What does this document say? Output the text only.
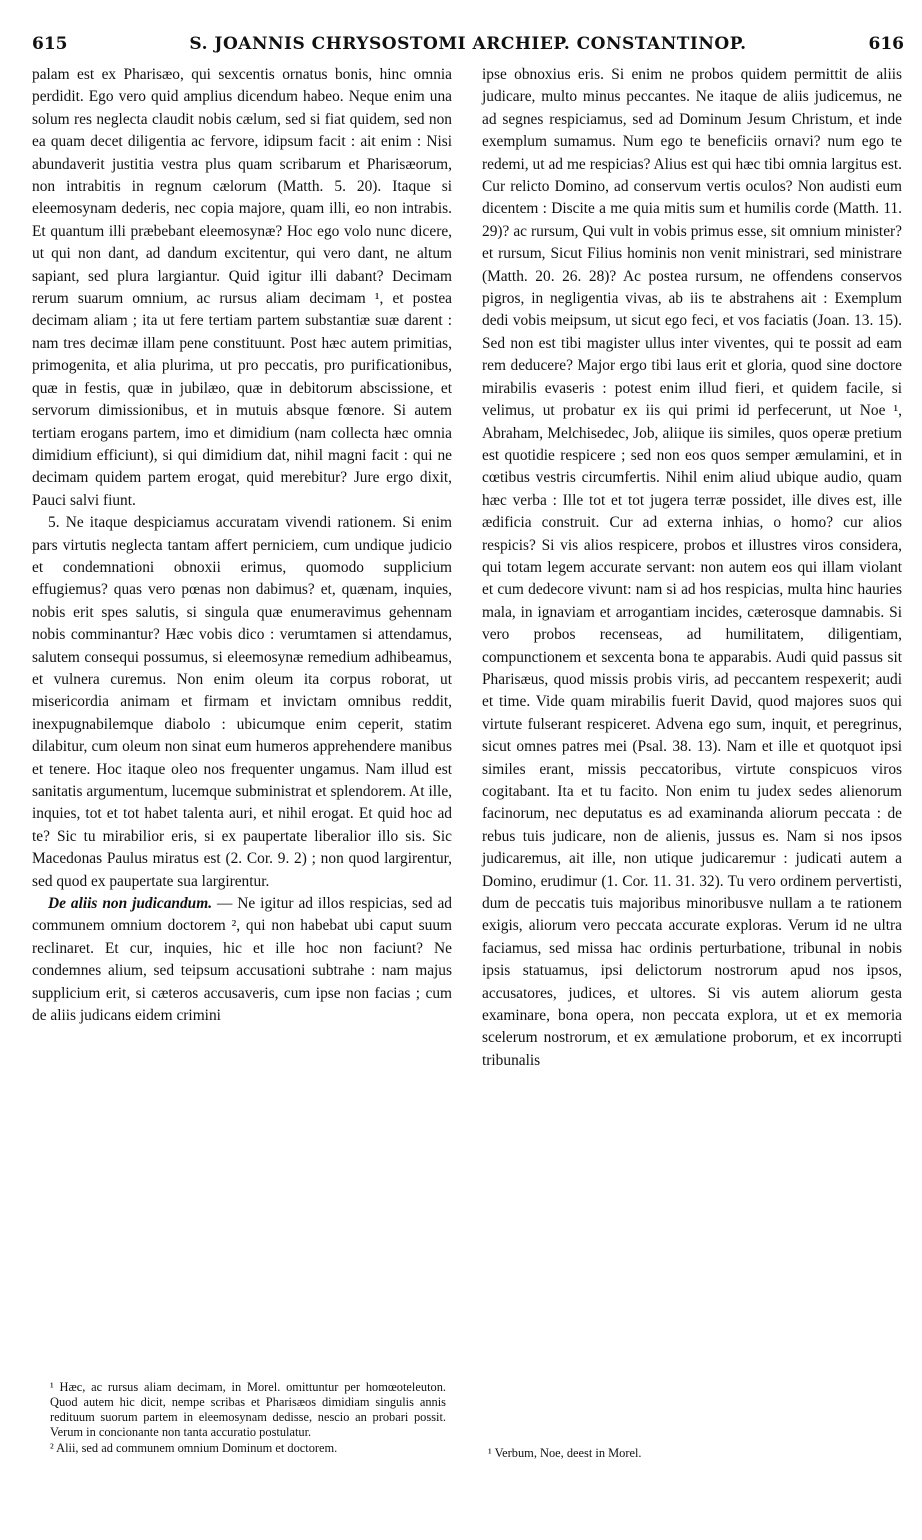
615	S. JOANNIS CHRYSOSTOMI ARCHIEP. CONSTANTINOP.	616

palam est ex Pharisæo, qui sexcentis ornatus bonis, hinc omnia perdidit. Ego vero quid amplius dicendum habeo. Neque enim una solum res neglecta claudit nobis cælum, sed si fiat quidem, sed non ea quam decet diligentia ac fervore, idipsum facit : ait enim : Nisi abundaverit justitia vestra plus quam scribarum et Pharisæorum, non intrabitis in regnum cælorum (Matth. 5. 20). Itaque si eleemosynam dederis, nec copia majore, quam illi, eo non intrabis. Et quantum illi præbebant eleemosynæ? Hoc ego volo nunc dicere, ut qui non dant, ad dandum excitentur, qui vero dant, ne altum sapiant, sed plura largiantur. Quid igitur illi dabant? Decimam rerum suarum omnium, ac rursus aliam decimam ¹, et postea decimam aliam ; ita ut fere tertiam partem substantiæ suæ darent : nam tres decimæ illam pene constituunt. Post hæc autem primitias, primogenita, et alia plurima, ut pro peccatis, pro purificationibus, quæ in festis, quæ in jubilæo, quæ in debitorum abscissione, et servorum dimissionibus, et in mutuis absque fœnore. Si autem tertiam erogans partem, imo et dimidium (nam collecta hæc omnia dimidium efficiunt), si qui dimidium dat, nihil magni facit : qui ne decimam quidem partem erogat, quid merebitur? Jure ergo dixit, Pauci salvi fiunt.

5. Ne itaque despiciamus accuratam vivendi rationem. Si enim pars virtutis neglecta tantam affert perniciem, cum undique judicio et condemnationi obnoxii erimus, quomodo supplicium effugiemus? quas vero pœnas non dabimus? et, quænam, inquies, nobis erit spes salutis, si singula quæ enumeravimus gehennam nobis comminantur? Hæc vobis dico : verumtamen si attendamus, salutem consequi possumus, si eleemosynæ remedium adhibeamus, et vulnera curemus. Non enim oleum ita corpus roborat, ut misericordia animam et firmam et invictam omnibus reddit, inexpugnabilemque diabolo : ubicumque enim ceperit, statim dilabitur, cum oleum non sinat eum humeros apprehendere manibus et tenere. Hoc itaque oleo nos frequenter ungamus. Nam illud est sanitatis argumentum, lucemque subministrat et splendorem. At ille, inquies, tot et tot habet talenta auri, et nihil erogat. Et quid hoc ad te? Sic tu mirabilior eris, si ex paupertate liberalior illo sis. Sic Macedonas Paulus miratus est (2. Cor. 9. 2) ; non quod largirentur, sed quod ex paupertate sua largirentur.

De aliis non judicandum. — Ne igitur ad illos respicias, sed ad communem omnium doctorem ², qui non habebat ubi caput suum reclinaret. Et cur, inquies, hic et ille hoc non faciunt? Ne condemnes alium, sed teipsum accusationi subtrahe : nam majus supplicium erit, si cæteros accusaveris, cum ipse non facias ; cum de aliis judicans eidem crimini

ipse obnoxius eris. Si enim ne probos quidem permittit de aliis judicare, multo minus peccantes. Ne itaque de aliis judicemus, ne ad segnes respiciamus, sed ad Dominum Jesum Christum, et inde exemplum sumamus. Num ego te beneficiis ornavi? num ego te redemi, ut ad me respicias? Alius est qui hæc tibi omnia largitus est. Cur relicto Domino, ad conservum vertis oculos? Non audisti eum dicentem : Discite a me quia mitis sum et humilis corde (Matth. 11. 29)? ac rursum, Qui vult in vobis primus esse, sit omnium minister? et rursum, Sicut Filius hominis non venit ministrari, sed ministrare (Matth. 20. 26. 28)? Ac postea rursum, ne offendens conservos pigros, in negligentia vivas, ab iis te abstrahens ait : Exemplum dedi vobis meipsum, ut sicut ego feci, et vos faciatis (Joan. 13. 15). Sed non est tibi magister ullus inter viventes, qui te possit ad eam rem deducere? Major ergo tibi laus erit et gloria, quod sine doctore mirabilis evaseris : potest enim illud fieri, et quidem facile, si velimus, ut probatur ex iis qui primi id perfecerunt, ut Noe ¹, Abraham, Melchisedec, Job, aliique iis similes, quos operæ pretium est quotidie respicere ; sed non eos quos semper æmulamini, et in cœtibus vestris circumfertis. Nihil enim aliud ubique audio, quam hæc verba : Ille tot et tot jugera terræ possidet, ille dives est, ille ædificia construit. Cur ad externa inhias, o homo? cur alios respicis? Si vis alios respicere, probos et illustres viros considera, qui totam legem accurate servant: non autem eos qui illam violant et cum dedecore vivunt: nam si ad hos respicias, multa hinc hauries mala, in ignaviam et arrogantiam incides, cæterosque damnabis. Si vero probos recenseas, ad humilitatem, diligentiam, compunctionem et sexcenta bona te apparabis. Audi quid passus sit Pharisæus, quod missis probis viris, ad peccantem respexerit; audi et time. Vide quam mirabilis fuerit David, quod majores suos qui virtute fulserant respiceret. Advena ego sum, inquit, et peregrinus, sicut omnes patres mei (Psal. 38. 13). Nam et ille et quotquot ipsi similes erant, missis peccatoribus, virtute conspicuos viros cogitabant. Ita et tu facito. Non enim tu judex sedes alienorum facinorum, nec deputatus es ad examinanda aliorum peccata : de rebus tuis judicare, non de alienis, jussus es. Nam si nos ipsos judicaremus, ait ille, non utique judicaremur : judicati autem a Domino, erudimur (1. Cor. 11. 31. 32). Tu vero ordinem pervertisti, dum de peccatis tuis majoribus minoribusve nullam a te rationem exigis, aliorum vero peccata accurate exploras. Verum id ne ultra faciamus, sed missa hac ordinis perturbatione, tribunal in nobis ipsis statuamus, ipsi delictorum nostrorum apud nos ipsos, accusatores, judices, et ultores. Si vis autem aliorum gesta examinare, bona opera, non peccata explora, ut et ex memoria scelerum nostrorum, et ex æmulatione proborum, et ex incorrupti tribunalis

¹ Hæc, ac rursus aliam decimam, in Morel. omittuntur per homœoteleuton. Quod autem hic dicit, nempe scribas et Pharisæos dimidiam singulis annis redituum suorum partem in eleemosynam dedisse, nescio an probari possit. Verum in concionante non tanta accuratio postulatur.

² Alii, sed ad communem omnium Dominum et doctorem.	¹ Verbum, Noe, deest in Morel.
